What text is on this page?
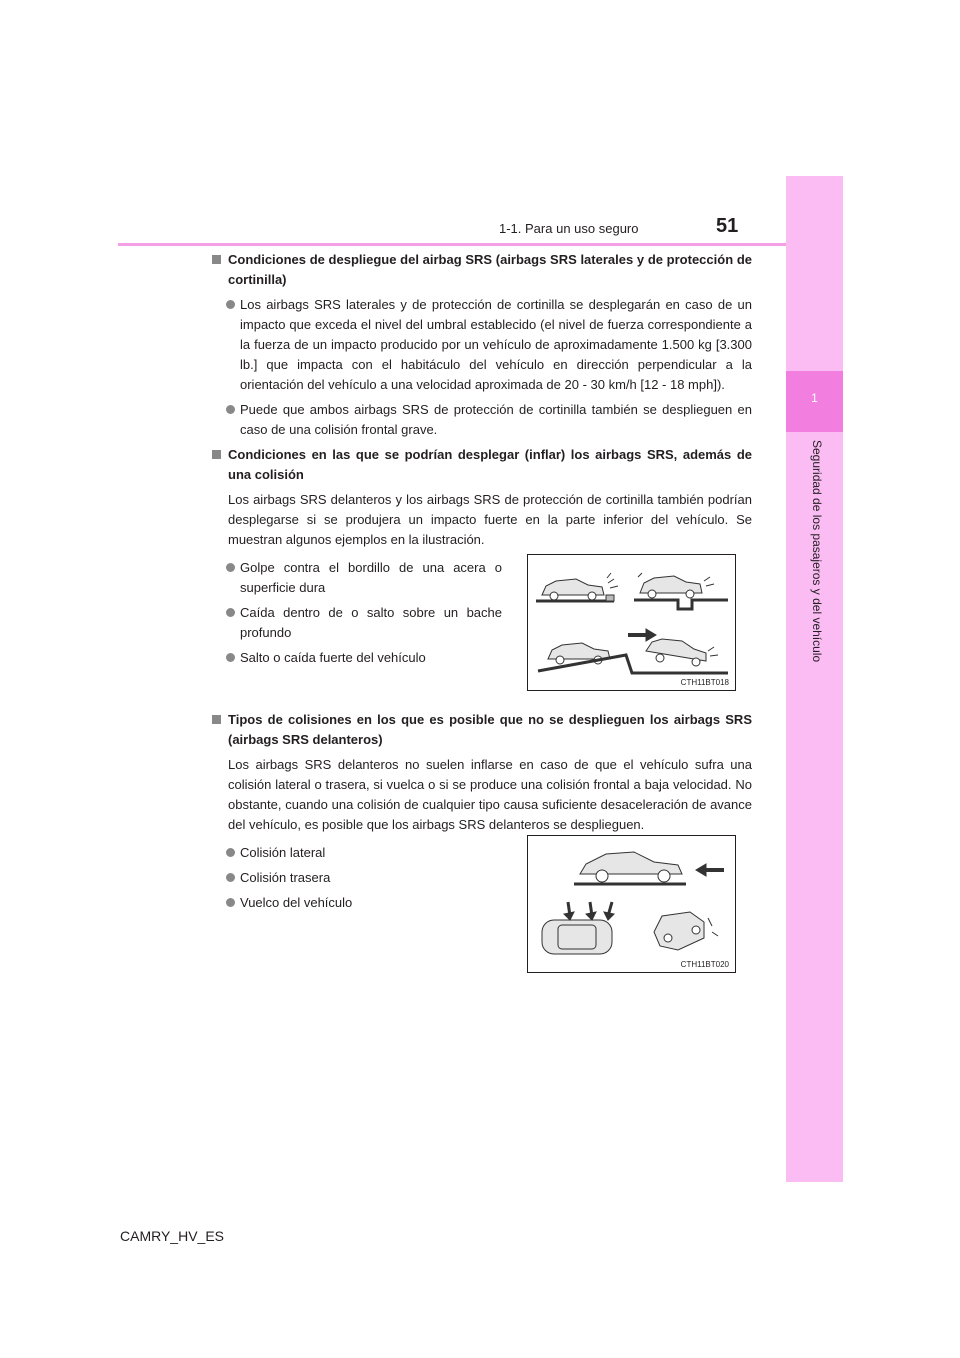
1
Seguridad de los pasajeros y del vehículo
1-1. Para un uso seguro	51
Condiciones de despliegue del airbag SRS (airbags SRS laterales y de protección de cortinilla)
Los airbags SRS laterales y de protección de cortinilla se desplegarán en caso de un impacto que exceda el nivel del umbral establecido (el nivel de fuerza correspondiente a la fuerza de un impacto producido por un vehículo de aproximadamente 1.500 kg [3.300 lb.] que impacta con el habitáculo del vehículo en dirección perpendicular a la orientación del vehículo a una velocidad aproximada de 20 - 30 km/h [12 - 18 mph]).
Puede que ambos airbags SRS de protección de cortinilla también se desplieguen en caso de una colisión frontal grave.
Condiciones en las que se podrían desplegar (inflar) los airbags SRS, además de una colisión
Los airbags SRS delanteros y los airbags SRS de protección de cortinilla también podrían desplegarse si se produjera un impacto fuerte en la parte inferior del vehículo. Se muestran algunos ejemplos en la ilustración.
Golpe contra el bordillo de una acera o superficie dura
Caída dentro de o salto sobre un bache profundo
Salto o caída fuerte del vehículo
CTH11BT018
Tipos de colisiones en los que es posible que no se desplieguen los airbags SRS (airbags SRS delanteros)
Los airbags SRS delanteros no suelen inflarse en caso de que el vehículo sufra una colisión lateral o trasera, si vuelca o si se produce una colisión frontal a baja velocidad. No obstante, cuando una colisión de cualquier tipo causa suficiente desaceleración de avance del vehículo, es posible que los airbags SRS delanteros se desplieguen.
Colisión lateral
Colisión trasera
Vuelco del vehículo
CTH11BT020
CAMRY_HV_ES
